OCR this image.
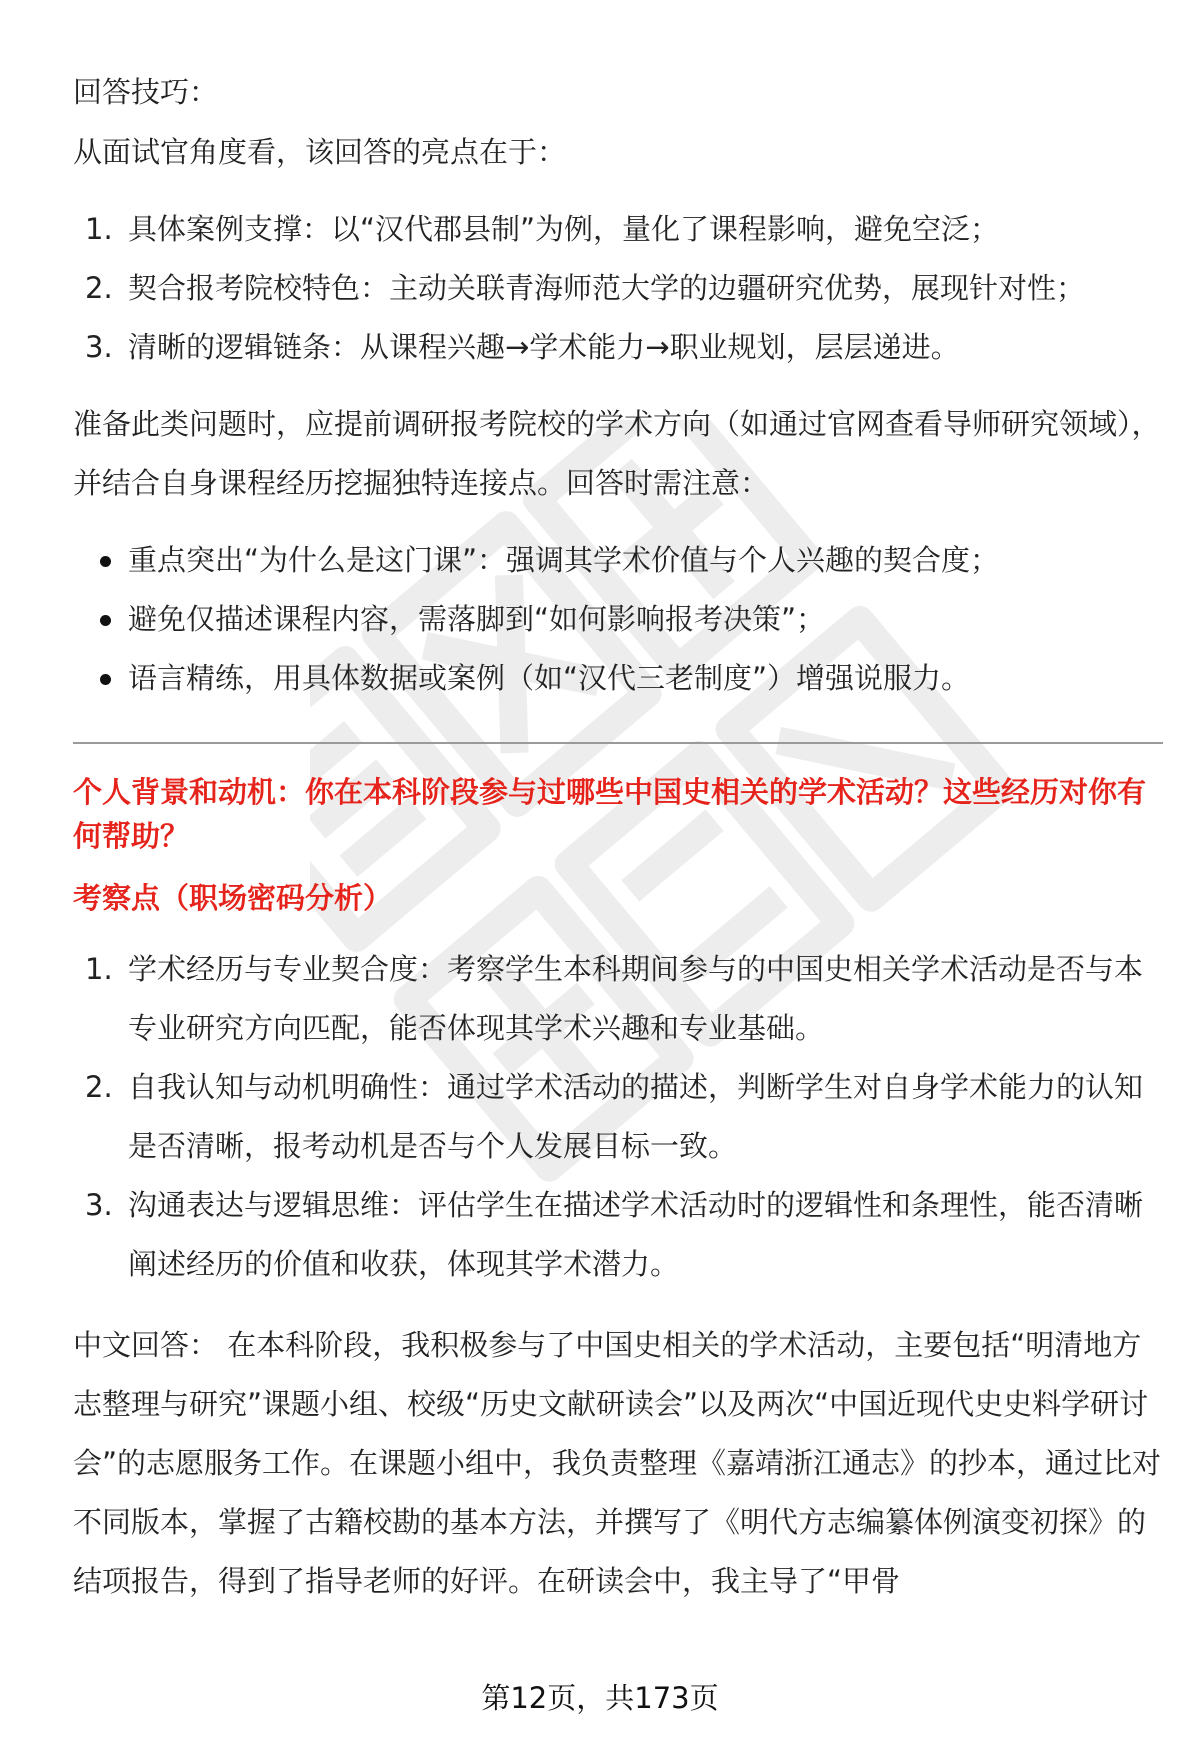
回答技巧：

从面试官角度看，该回答的亮点在于：

1. 具体案例支撑：以“汉代郡县制”为例，量化了课程影响，避免空泛；
2. 契合报考院校特色：主动关联青海师范大学的边疆研究优势，展现针对性；
3. 清晰的逻辑链条：从课程兴趣→学术能力→职业规划，层层递进。

准备此类问题时，应提前调研报考院校的学术方向（如通过官网查看导师研究领域），并结合自身课程经历挖掘独特连接点。回答时需注意：

重点突出“为什么是这门课”：强调其学术价值与个人兴趣的契合度；
避免仅描述课程内容，需落脚到“如何影响报考决策”；
语言精练，用具体数据或案例（如“汉代三老制度”）增强说服力。

个人背景和动机：你在本科阶段参与过哪些中国史相关的学术活动？这些经历对你有何帮助？

考察点（职场密码分析）

1. 学术经历与专业契合度：考察学生本科期间参与的中国史相关学术活动是否与本专业研究方向匹配，能否体现其学术兴趣和专业基础。
2. 自我认知与动机明确性：通过学术活动的描述，判断学生对自身学术能力的认知是否清晰，报考动机是否与个人发展目标一致。
3. 沟通表达与逻辑思维：评估学生在描述学术活动时的逻辑性和条理性，能否清晰阐述经历的价值和收获，体现其学术潜力。

中文回答： 在本科阶段，我积极参与了中国史相关的学术活动，主要包括“明清地方志整理与研究”课题小组、校级“历史文献研读会”以及两次“中国近现代史史料学研讨会”的志愿服务工作。在课题小组中，我负责整理《嘉靖浙江通志》的抄本，通过比对不同版本，掌握了古籍校勘的基本方法，并撰写了《明代方志编纂体例演变初探》的结项报告，得到了指导老师的好评。在研读会中，我主导了“甲骨

第12页，共173页
